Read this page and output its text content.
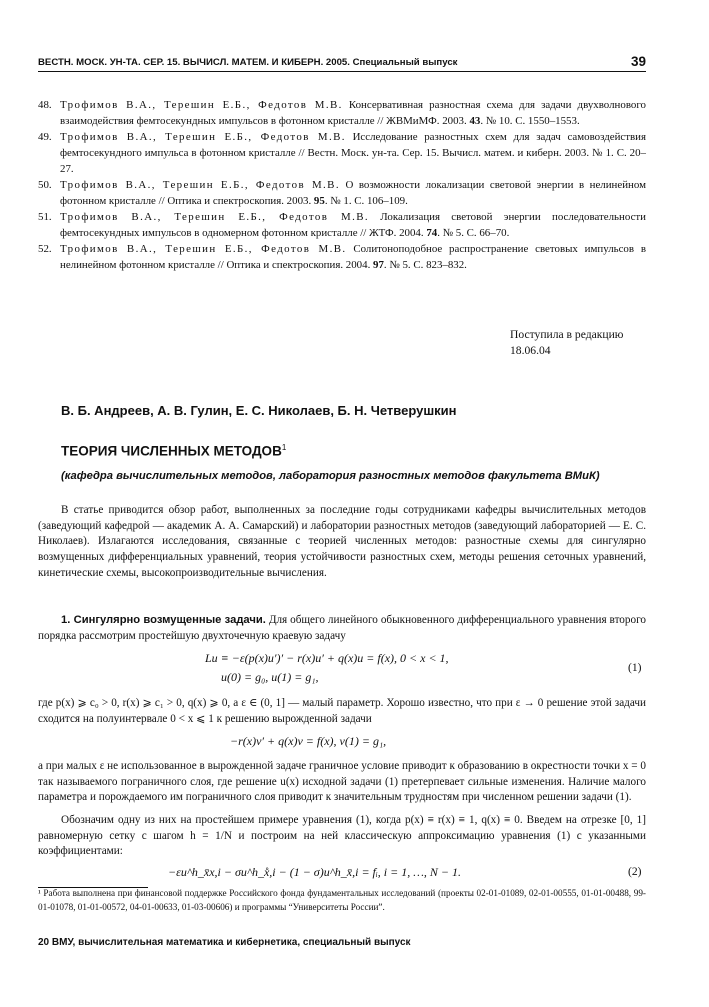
ВЕСТН. МОСК. УН-ТА. СЕР. 15. ВЫЧИСЛ. МАТЕМ. И КИБЕРН. 2005. Специальный выпуск	39
48. Трофимов В.А., Терешин Е.Б., Федотов М.В. Консервативная разностная схема для задачи двухволнового взаимодействия фемтосекундных импульсов в фотонном кристалле // ЖВМиМФ. 2003. 43. № 10. С. 1550–1553.
49. Трофимов В.А., Терешин Е.Б., Федотов М.В. Исследование разностных схем для задач самовоздействия фемтосекундного импульса в фотонном кристалле // Вестн. Моск. ун-та. Сер. 15. Вычисл. матем. и киберн. 2003. № 1. С. 20–27.
50. Трофимов В.А., Терешин Е.Б., Федотов М.В. О возможности локализации световой энергии в нелинейном фотонном кристалле // Оптика и спектроскопия. 2003. 95. № 1. С. 106–109.
51. Трофимов В.А., Терешин Е.Б., Федотов М.В. Локализация световой энергии последовательности фемтосекундных импульсов в одномерном фотонном кристалле // ЖТФ. 2004. 74. № 5. С. 66–70.
52. Трофимов В.А., Терешин Е.Б., Федотов М.В. Солитоноподобное распространение световых импульсов в нелинейном фотонном кристалле // Оптика и спектроскопия. 2004. 97. № 5. С. 823–832.
Поступила в редакцию
18.06.04
В. Б. Андреев, А. В. Гулин, Е. С. Николаев, Б. Н. Четверушкин
ТЕОРИЯ ЧИСЛЕННЫХ МЕТОДОВ$^1$
(кафедра вычислительных методов, лаборатория разностных методов факультета ВМиК)
В статье приводится обзор работ, выполненных за последние годы сотрудниками кафедры вычислительных методов (заведующий кафедрой — академик А. А. Самарский) и лаборатории разностных методов (заведующий лабораторией — Е. С. Николаев). Излагаются исследования, связанные с теорией численных методов: разностные схемы для сингулярно возмущенных дифференциальных уравнений, теория устойчивости разностных схем, методы решения сеточных уравнений, кинетические схемы, высокопроизводительные вычисления.
1. Сингулярно возмущенные задачи. Для общего линейного обыкновенного дифференциального уравнения второго порядка рассмотрим простейшую двухточечную краевую задачу
Lu ≡ −ε(p(x)u′)′ − r(x)u′ + q(x)u = f(x), 0 < x < 1,
u(0) = g₀, u(1) = g₁,
(1)
где p(x) ⩾ c₀ > 0, r(x) ⩾ c₁ > 0, q(x) ⩾ 0, а ε ∈ (0, 1] — малый параметр. Хорошо известно, что при ε → 0 решение этой задачи сходится на полуинтервале 0 < x ⩽ 1 к решению вырожденной задачи
−r(x)v′ + q(x)v = f(x), v(1) = g₁,
а при малых ε не использованное в вырожденной задаче граничное условие приводит к образованию в окрестности точки x = 0 так называемого пограничного слоя, где решение u(x) исходной задачи (1) претерпевает сильные изменения. Наличие малого параметра и порождаемого им пограничного слоя приводит к значительным трудностям при численном решении задачи (1).
Обозначим одну из них на простейшем примере уравнения (1), когда p(x) ≡ r(x) ≡ 1, q(x) ≡ 0. Введем на отрезке [0, 1] равномерную сетку с шагом h = 1/N и построим на ней классическую аппроксимацию уравнения (1) с указанными коэффициентами:
−εu^h_x̄x,i − σu^h_x̊,i − (1 − σ)u^h_x̄,i = fᵢ, i = 1, …, N − 1.	(2)
¹ Работа выполнена при финансовой поддержке Российского фонда фундаментальных исследований (проекты 02-01-01089, 02-01-00555, 01-01-00488, 99-01-01078, 01-01-00572, 04-01-00633, 01-03-00606) и программы “Университеты России”.
20 ВМУ, вычислительная математика и кибернетика, специальный выпуск
